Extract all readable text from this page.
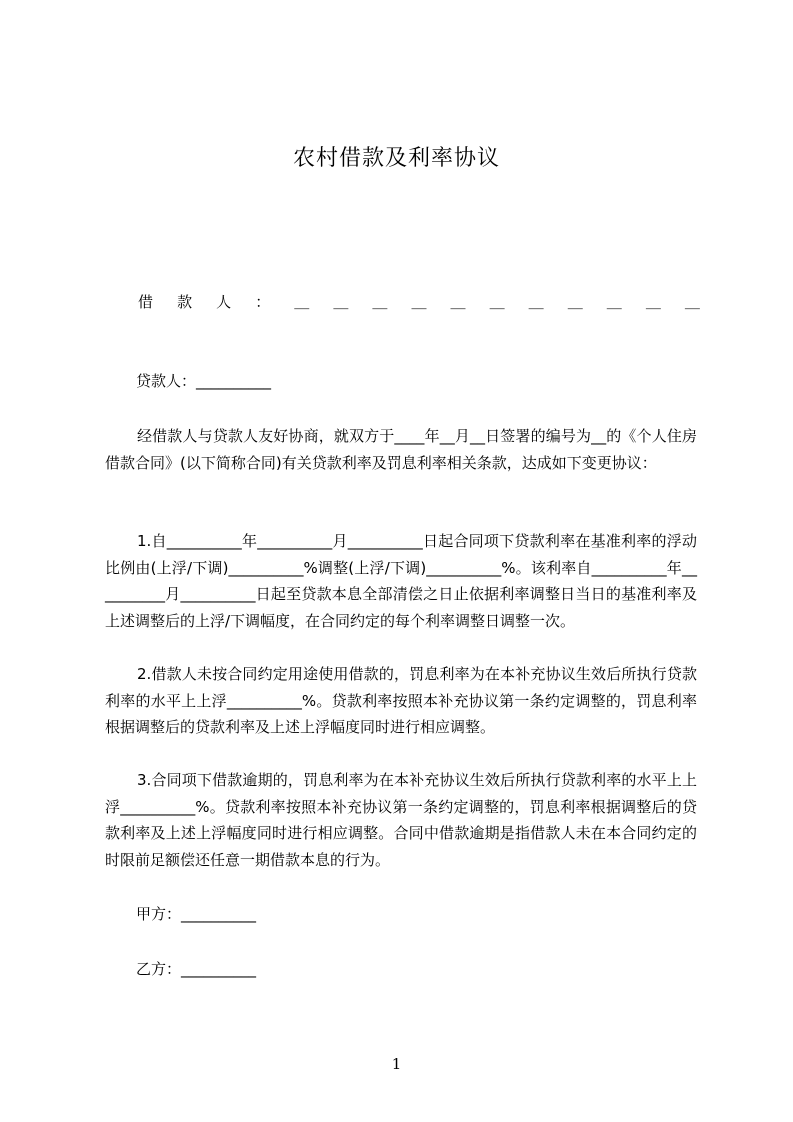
农村借款及利率协议
借 款 人 ： ＿ ＿ ＿ ＿ ＿ ＿ ＿ ＿ ＿ ＿ ＿

贷款人：__________

经借款人与贷款人友好协商，就双方于____年__月__日签署的编号为__的《个人住房借款合同》(以下简称合同)有关贷款利率及罚息利率相关条款，达成如下变更协议：

1.自__________年__________月__________日起合同项下贷款利率在基准利率的浮动比例由(上浮/下调)__________%调整(上浮/下调)__________%。该利率自__________年__________月__________日起至贷款本息全部清偿之日止依据利率调整日当日的基准利率及上述调整后的上浮/下调幅度，在合同约定的每个利率调整日调整一次。

2.借款人未按合同约定用途使用借款的，罚息利率为在本补充协议生效后所执行贷款利率的水平上上浮__________%。贷款利率按照本补充协议第一条约定调整的，罚息利率根据调整后的贷款利率及上述上浮幅度同时进行相应调整。

3.合同项下借款逾期的，罚息利率为在本补充协议生效后所执行贷款利率的水平上上浮__________%。贷款利率按照本补充协议第一条约定调整的，罚息利率根据调整后的贷款利率及上述上浮幅度同时进行相应调整。合同中借款逾期是指借款人未在本合同约定的时限前足额偿还任意一期借款本息的行为。

甲方：__________

乙方：__________

1
